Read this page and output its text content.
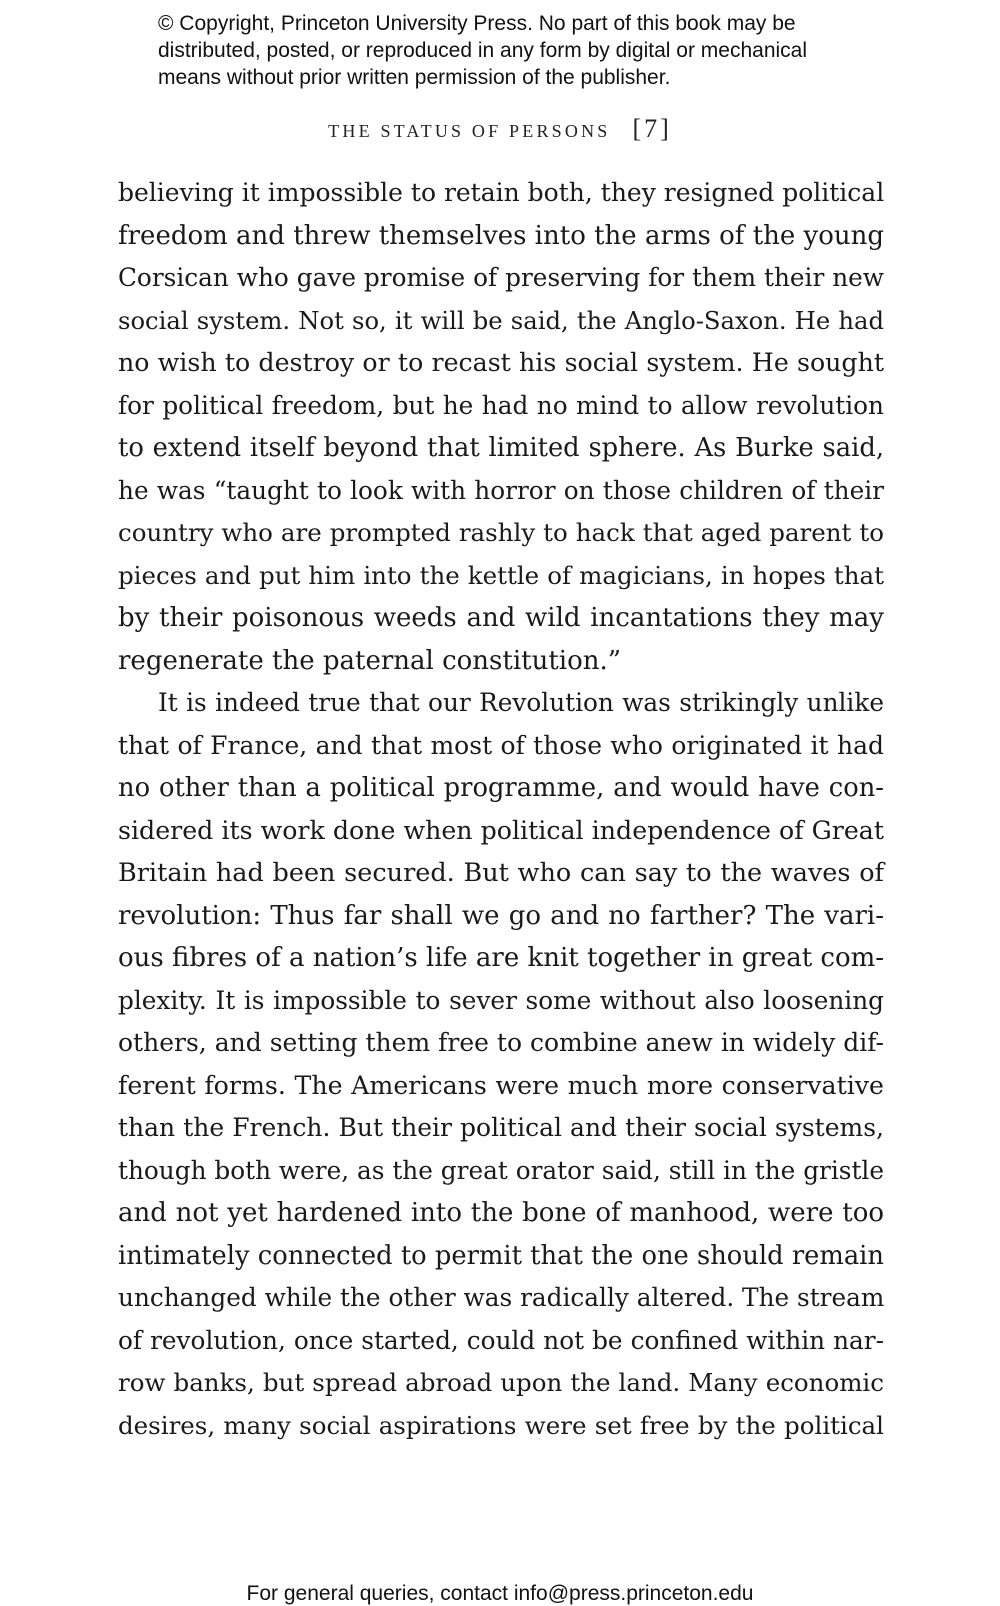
© Copyright, Princeton University Press. No part of this book may be
distributed, posted, or reproduced in any form by digital or mechanical
means without prior written permission of the publisher.
THE STATUS OF PERSONS [7]
believing it impossible to retain both, they resigned political
freedom and threw themselves into the arms of the young
Corsican who gave promise of preserving for them their new
social system. Not so, it will be said, the Anglo-Saxon. He had
no wish to destroy or to recast his social system. He sought
for political freedom, but he had no mind to allow revolution
to extend itself beyond that limited sphere. As Burke said,
he was “taught to look with horror on those children of their
country who are prompted rashly to hack that aged parent to
pieces and put him into the kettle of magicians, in hopes that
by their poisonous weeds and wild incantations they may
regenerate the paternal constitution.”
It is indeed true that our Revolution was strikingly unlike
that of France, and that most of those who originated it had
no other than a political programme, and would have con-
sidered its work done when political independence of Great
Britain had been secured. But who can say to the waves of
revolution: Thus far shall we go and no farther? The vari-
ous fibres of a nation’s life are knit together in great com-
plexity. It is impossible to sever some without also loosening
others, and setting them free to combine anew in widely dif-
ferent forms. The Americans were much more conservative
than the French. But their political and their social systems,
though both were, as the great orator said, still in the gristle
and not yet hardened into the bone of manhood, were too
intimately connected to permit that the one should remain
unchanged while the other was radically altered. The stream
of revolution, once started, could not be confined within nar-
row banks, but spread abroad upon the land. Many economic
desires, many social aspirations were set free by the political
For general queries, contact info@press.princeton.edu
